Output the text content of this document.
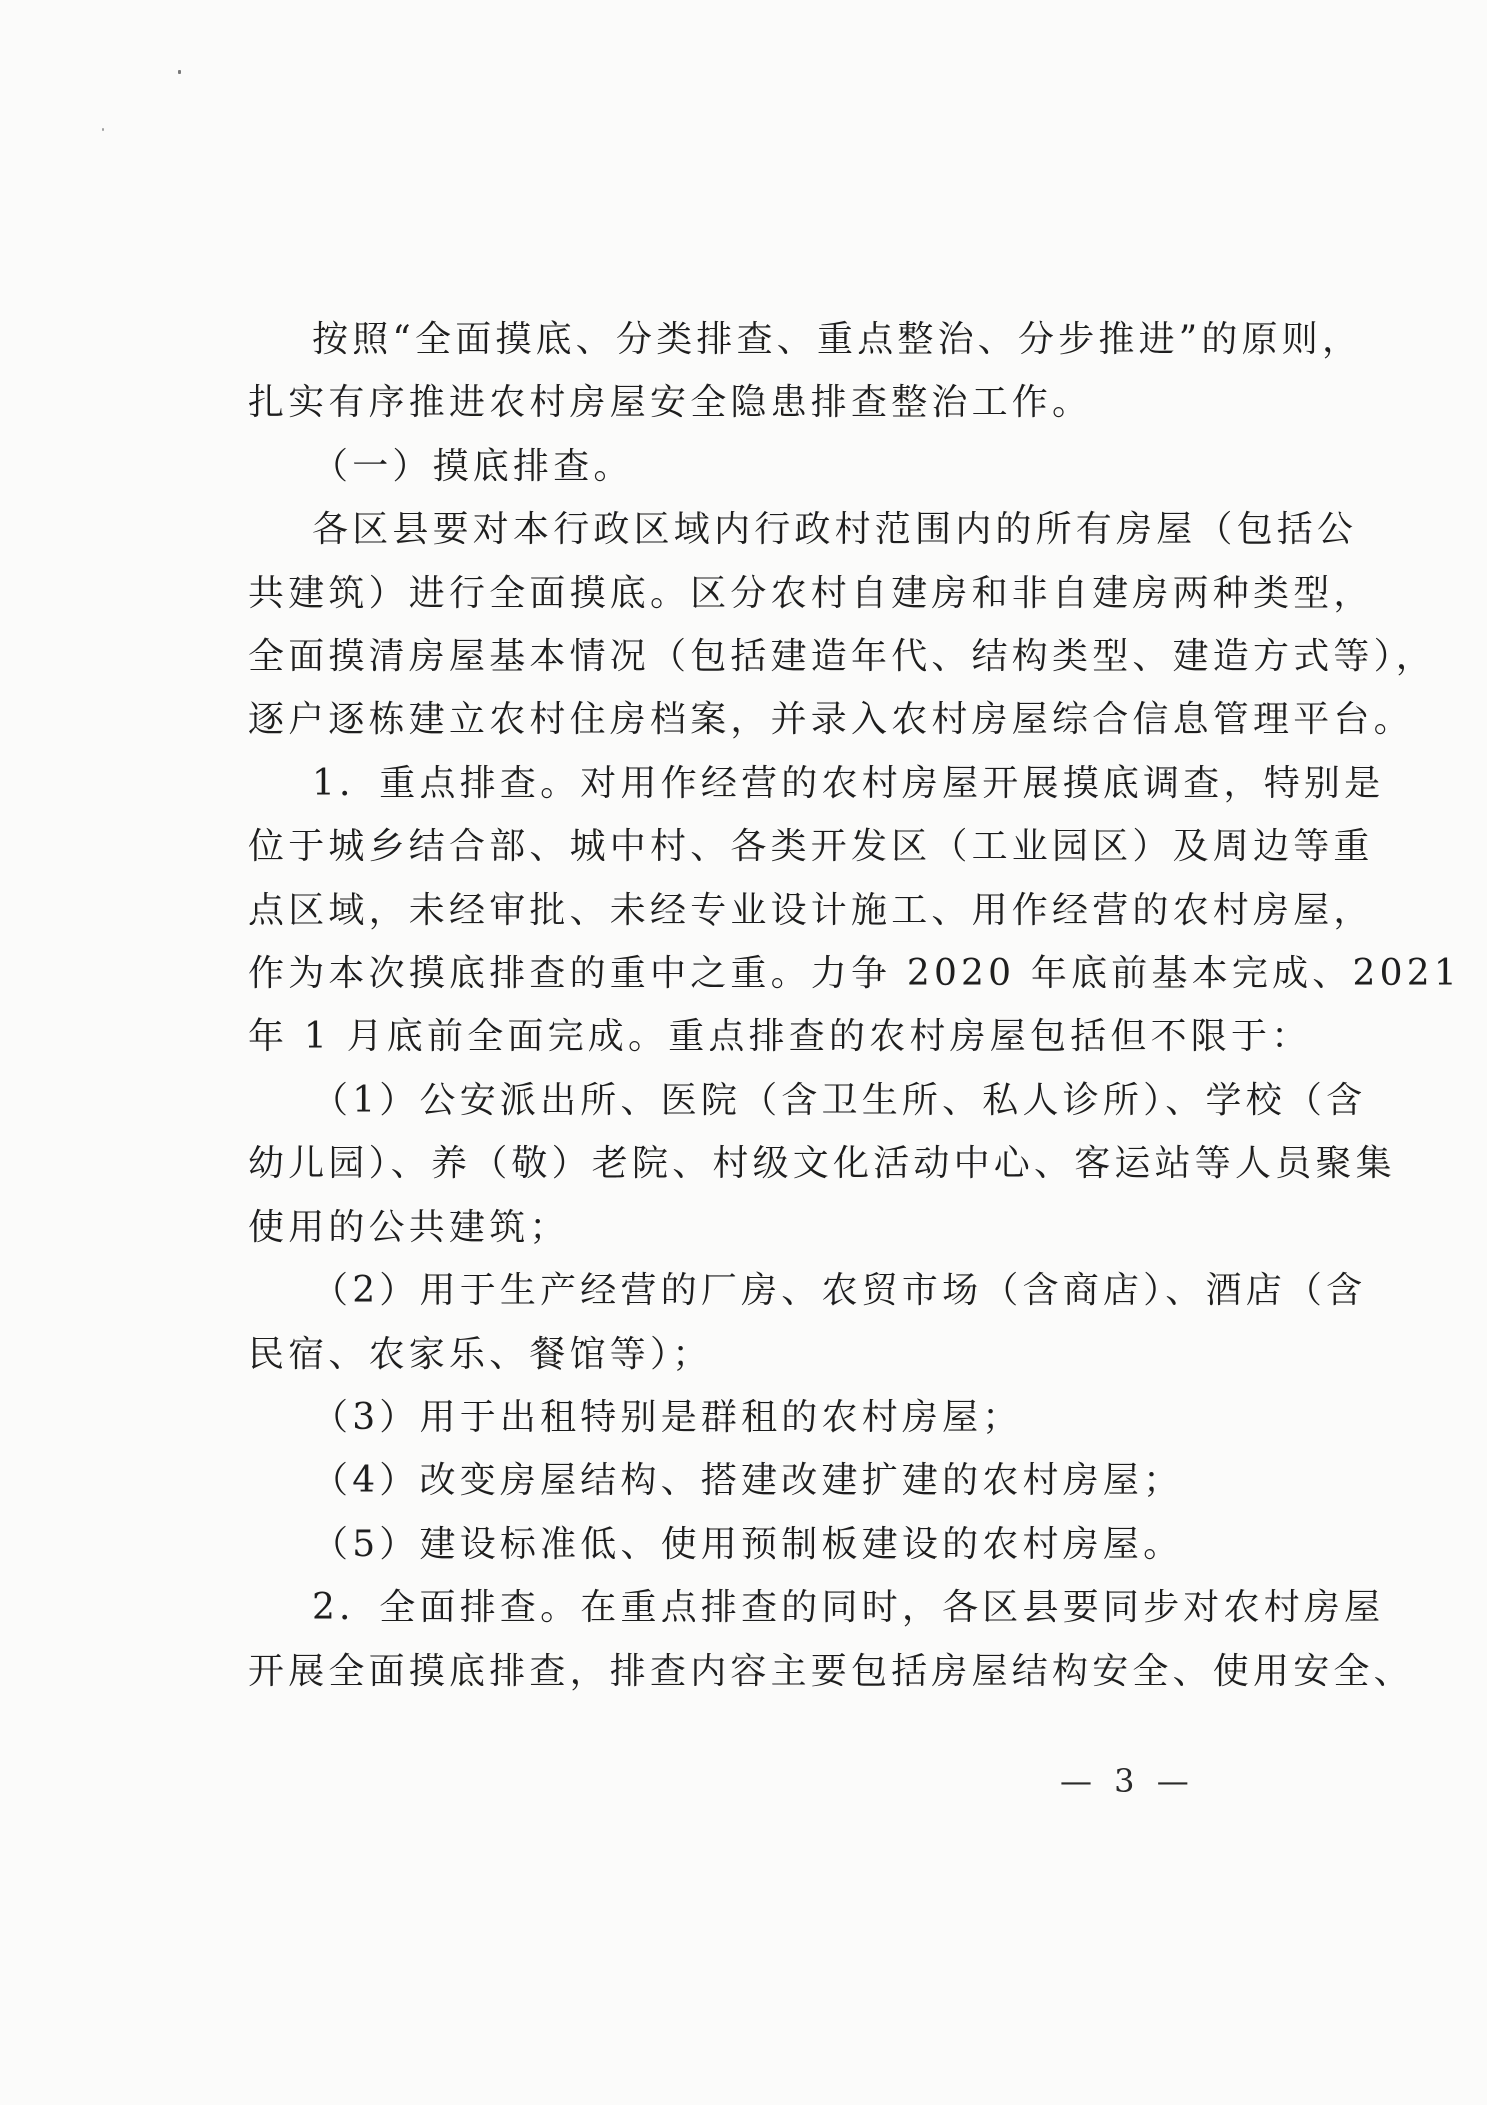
按照“全面摸底、分类排查、重点整治、分步推进”的原则，
扎实有序推进农村房屋安全隐患排查整治工作。
（一）摸底排查。
各区县要对本行政区域内行政村范围内的所有房屋（包括公
共建筑）进行全面摸底。区分农村自建房和非自建房两种类型，
全面摸清房屋基本情况（包括建造年代、结构类型、建造方式等），
逐户逐栋建立农村住房档案，并录入农村房屋综合信息管理平台。
1．重点排查。对用作经营的农村房屋开展摸底调查，特别是
位于城乡结合部、城中村、各类开发区（工业园区）及周边等重
点区域，未经审批、未经专业设计施工、用作经营的农村房屋，
作为本次摸底排查的重中之重。力争 2020 年底前基本完成、2021
年 1 月底前全面完成。重点排查的农村房屋包括但不限于：
（1）公安派出所、医院（含卫生所、私人诊所）、学校（含
幼儿园）、养（敬）老院、村级文化活动中心、客运站等人员聚集
使用的公共建筑；
（2）用于生产经营的厂房、农贸市场（含商店）、酒店（含
民宿、农家乐、餐馆等）；
（3）用于出租特别是群租的农村房屋；
（4）改变房屋结构、搭建改建扩建的农村房屋；
（5）建设标准低、使用预制板建设的农村房屋。
2．全面排查。在重点排查的同时，各区县要同步对农村房屋
开展全面摸底排查，排查内容主要包括房屋结构安全、使用安全、
— 3 —
